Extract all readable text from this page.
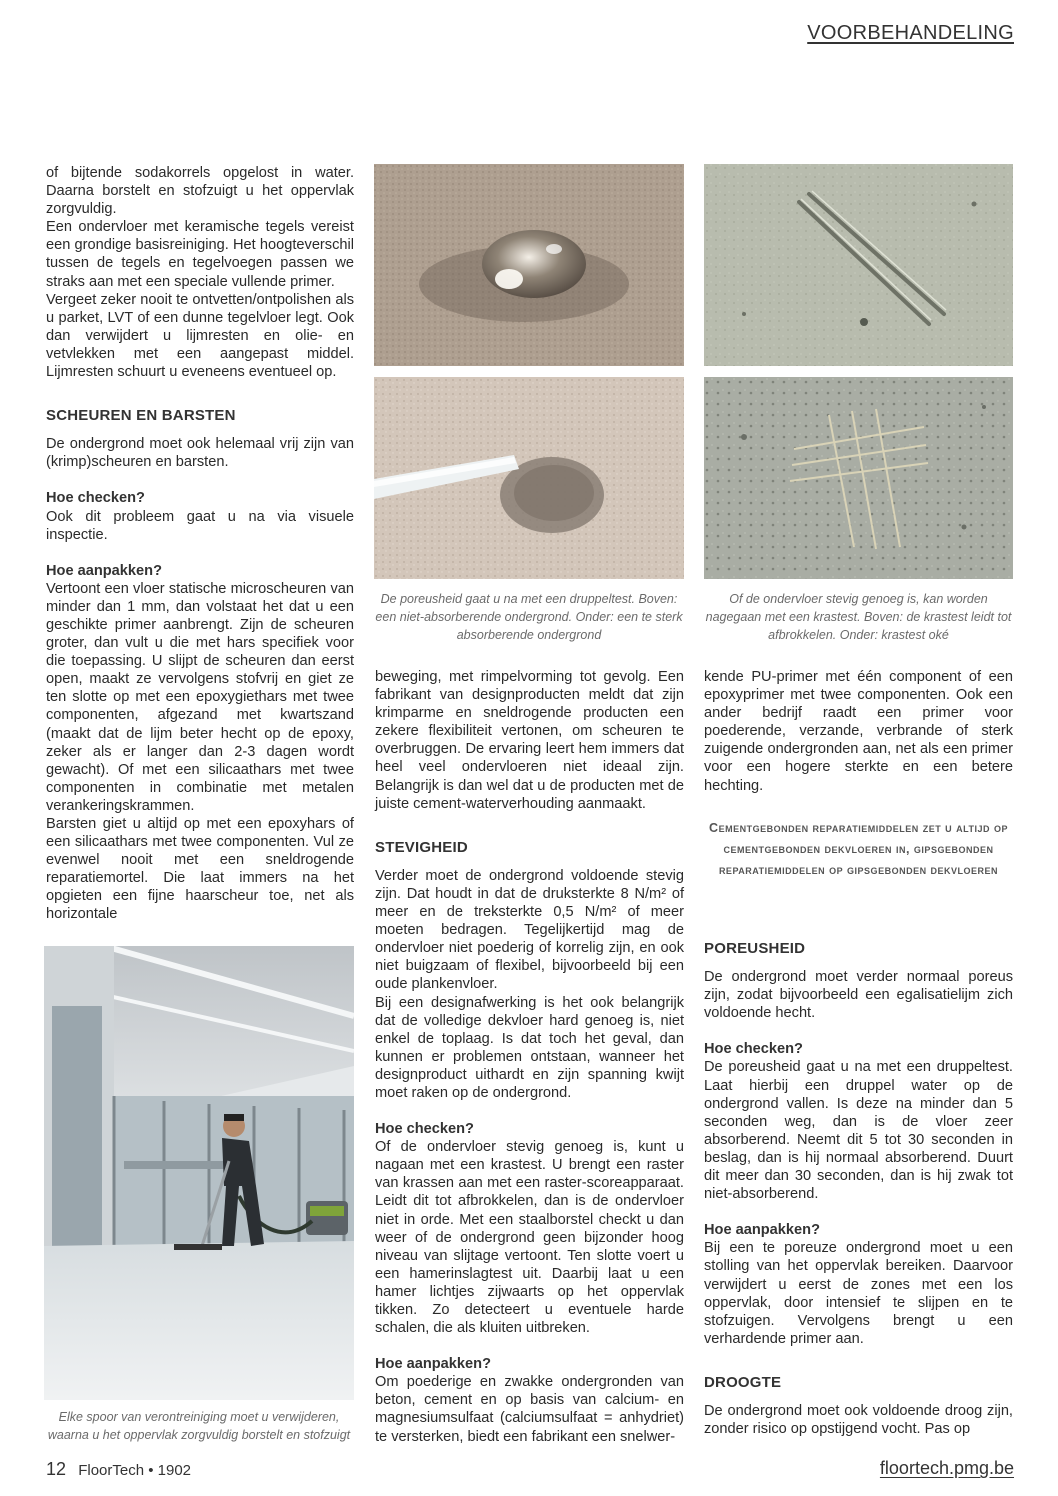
VOORBEHANDELING

of bijtende sodakorrels opgelost in water. Daarna borstelt en stofzuigt u het oppervlak zorgvuldig.

Een ondervloer met keramische tegels vereist een grondige basisreiniging. Het hoogteverschil tussen de tegels en tegelvoegen passen we straks aan met een speciale vullende primer.

Vergeet zeker nooit te ontvetten/ontpolishen als u parket, LVT of een dunne tegelvloer legt. Ook dan verwijdert u lijmresten en olie- en vetvlekken met een aangepast middel. Lijmresten schuurt u eveneens eventueel op.

SCHEUREN EN BARSTEN

De ondergrond moet ook helemaal vrij zijn van (krimp)scheuren en barsten.

Hoe checken?

Ook dit probleem gaat u na via visuele inspectie.

Hoe aanpakken?

Vertoont een vloer statische microscheuren van minder dan 1 mm, dan volstaat het dat u een geschikte primer aanbrengt. Zijn de scheuren groter, dan vult u die met hars specifiek voor die toepassing. U slijpt de scheuren dan eerst open, maakt ze vervolgens stofvrij en giet ze ten slotte op met een epoxygiethars met twee componenten, afgezand met kwartszand (maakt dat de lijm beter hecht op de epoxy, zeker als er langer dan 2-3 dagen wordt gewacht). Of met een silicaathars met twee componenten in combinatie met metalen verankeringskrammen.

Barsten giet u altijd op met een epoxyhars of een silicaathars met twee componenten. Vul ze evenwel nooit met een sneldrogende reparatiemortel. Die laat immers na het opgieten een fijne haarscheur toe, net als horizontale

Elke spoor van verontreiniging moet u verwijderen, waarna u het oppervlak zorgvuldig borstelt en stofzuigt
De poreusheid gaat u na met een druppeltest. Boven: een niet-absorberende ondergrond. Onder: een te sterk absorberende ondergrond

beweging, met rimpelvorming tot gevolg. Een fabrikant van designproducten meldt dat zijn krimparme en sneldrogende producten een zekere flexibiliteit vertonen, om scheuren te overbruggen. De ervaring leert hem immers dat heel veel ondervloeren niet ideaal zijn. Belangrijk is dan wel dat u de producten met de juiste cement-waterverhouding aanmaakt.

STEVIGHEID

Verder moet de ondergrond voldoende stevig zijn. Dat houdt in dat de druksterkte 8 N/m² of meer en de treksterkte 0,5 N/m² of meer moeten bedragen. Tegelijkertijd mag de ondervloer niet poederig of korrelig zijn, en ook niet buigzaam of flexibel, bijvoorbeeld bij een oude plankenvloer.

Bij een designafwerking is het ook belangrijk dat de volledige dekvloer hard genoeg is, niet enkel de toplaag. Is dat toch het geval, dan kunnen er problemen ontstaan, wanneer het designproduct uithardt en zijn spanning kwijt moet raken op de ondergrond.

Hoe checken?

Of de ondervloer stevig genoeg is, kunt u nagaan met een krastest. U brengt een raster van krassen aan met een raster-scoreapparaat. Leidt dit tot afbrokkelen, dan is de ondervloer niet in orde. Met een staalborstel checkt u dan weer of de ondergrond geen bijzonder hoog niveau van slijtage vertoont. Ten slotte voert u een hamerinslagtest uit. Daarbij laat u een hamer lichtjes zijwaarts op het oppervlak tikken. Zo detecteert u eventuele harde schalen, die als kluiten uitbreken.

Hoe aanpakken?

Om poederige en zwakke ondergronden van beton, cement en op basis van calcium- en magnesiumsulfaat (calciumsulfaat = anhydriet) te versterken, biedt een fabrikant een snelwer-

Of de ondervloer stevig genoeg is, kan worden nagegaan met een krastest. Boven: de krastest leidt tot afbrokkelen. Onder: krastest oké

kende PU-primer met één component of een epoxyprimer met twee componenten. Ook een ander bedrijf raadt een primer voor poederende, verzande, verbrande of sterk zuigende ondergronden aan, net als een primer voor een hogere sterkte en een betere hechting.

Cementgebonden reparatiemiddelen zet u altijd op cementgebonden dekvloeren in, gipsgebonden reparatiemiddelen op gipsgebonden dekvloeren
POREUSHEID

De ondergrond moet verder normaal poreus zijn, zodat bijvoorbeeld een egalisatielijm zich voldoende hecht.

Hoe checken?

De poreusheid gaat u na met een druppeltest. Laat hierbij een druppel water op de ondergrond vallen. Is deze na minder dan 5 seconden weg, dan is de vloer zeer absorberend. Neemt dit 5 tot 30 seconden in beslag, dan is hij normaal absorberend. Duurt dit meer dan 30 seconden, dan is hij zwak tot niet-absorberend.

Hoe aanpakken?

Bij een te poreuze ondergrond moet u een stolling van het oppervlak bereiken. Daarvoor verwijdert u eerst de zones met een los oppervlak, door intensief te slijpen en te stofzuigen. Vervolgens brengt u een verhardende primer aan.

DROOGTE

De ondergrond moet ook voldoende droog zijn, zonder risico op opstijgend vocht. Pas op

12 FloorTech • 1902	floortech.pmg.be
